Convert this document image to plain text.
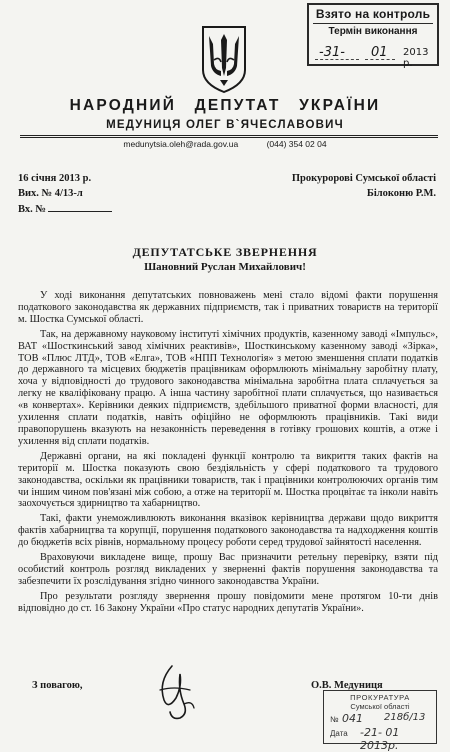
Взято на контроль
Термін виконання
-31- 01 2013 р.
НАРОДНИЙ ДЕПУТАТ УКРАЇНИ
МЕДУНИЦЯ ОЛЕГ В`ЯЧЕСЛАВОВИЧ
medunytsia.oleh@rada.gov.ua	(044) 354 02 04
16 січня 2013 р.
Вих. № 4/13-л
Вх. №
Прокуророві Сумської області
Білоконю Р.М.
ДЕПУТАТСЬКЕ ЗВЕРНЕННЯ
Шановний Руслан Михайлович!

У ході виконання депутатських повноважень мені стало відомі факти порушення податкового законодавства як державних підприємств, так і приватних товариств на території м. Шостка Сумської області.

Так, на державному науковому інституті хімічних продуктів, казенному заводі «Імпульс», ВАТ «Шосткинський завод хімічних реактивів», Шосткинському казенному заводі «Зірка», ТОВ «Плюс ЛТД», ТОВ «Елга», ТОВ «НПП Технологія» з метою зменшення сплати податків до державного та місцевих бюджетів працівникам оформлюють мінімальну заробітну плату, хоча у відповідності до трудового законодавства мінімальна заробітна плата сплачується за легку не кваліфіковану працю. А інша частину заробітної плати сплачується, що називається «в конвертах». Керівники деяких підприємств, здебільшого приватної форми власності, для ухилення сплати податків, навіть офіційно не оформлюють працівників. Такі види правопорушень вказують на незаконність переведення в готівку грошових коштів, а отже і ухилення від сплати податків.

Державні органи, на які покладені функції контролю та викриття таких фактів на території м. Шостка показують свою бездіяльність у сфері податкового та трудового законодавства, оскільки як працівники товариств, так і працівники контролюючих органів тим чи іншим чином пов'язані між собою, а отже на території м. Шостка процвітає та інколи навіть заохочується здирництво та хабарництво.

Такі, факти унеможливлюють виконання вказівок керівництва держави щодо викриття фактів хабарництва та корупції, порушення податкового законодавства та надходження коштів до бюджетів всіх рівнів, нормальному процесу роботи серед трудової зайнятості населення.

Враховуючи викладене вище, прошу Вас призначити ретельну перевірку, взяти під особистий контроль розгляд викладених у зверненні фактів порушення законодавства та забезпечити їх розслідування згідно чинного законодавства України.

Про результати розгляду звернення прошу повідомити мене протягом 10-ти днів відповідно до ст. 16 Закону України «Про статус народних депутатів України».

З повагою,	О.В. Медуниця
ПРОКУРАТУРА
Сумської області
№ 041 218б/13
Дата -21- 01 2013р.
